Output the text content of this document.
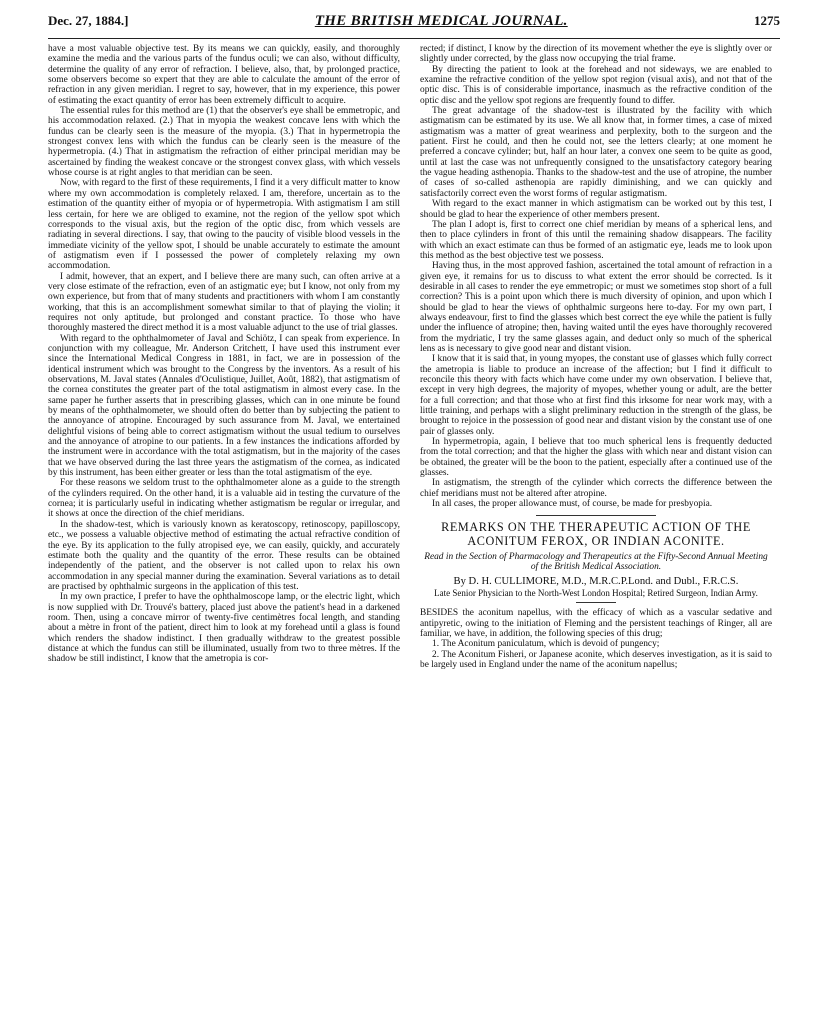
Dec. 27, 1884.]	THE BRITISH MEDICAL JOURNAL.	1275

have a most valuable objective test. By its means we can quickly, easily, and thoroughly examine the media and the various parts of the fundus oculi; we can also, without difficulty, determine the quality of any error of refraction. I believe, also, that, by prolonged practice, some observers become so expert that they are able to calculate the amount of the error of refraction in any given meridian. I regret to say, however, that in my experience, this power of estimating the exact quantity of error has been extremely difficult to acquire.

The essential rules for this method are (1) that the observer's eye shall be emmetropic, and his accommodation relaxed. (2.) That in myopia the weakest concave lens with which the fundus can be clearly seen is the measure of the myopia. (3.) That in hypermetropia the strongest convex lens with which the fundus can be clearly seen is the measure of the hypermetropia. (4.) That in astigmatism the refraction of either principal meridian may be ascertained by finding the weakest concave or the strongest convex glass, with which vessels whose course is at right angles to that meridian can be seen.

Now, with regard to the first of these requirements, I find it a very difficult matter to know where my own accommodation is completely relaxed. I am, therefore, uncertain as to the estimation of the quantity either of myopia or of hypermetropia. With astigmatism I am still less certain, for here we are obliged to examine, not the region of the yellow spot which corresponds to the visual axis, but the region of the optic disc, from which vessels are radiating in several directions. I say, that owing to the paucity of visible blood vessels in the immediate vicinity of the yellow spot, I should be unable accurately to estimate the amount of astigmatism even if I possessed the power of completely relaxing my own accommodation.

I admit, however, that an expert, and I believe there are many such, can often arrive at a very close estimate of the refraction, even of an astigmatic eye; but I know, not only from my own experience, but from that of many students and practitioners with whom I am constantly working, that this is an accomplishment somewhat similar to that of playing the violin; it requires not only aptitude, but prolonged and constant practice. To those who have thoroughly mastered the direct method it is a most valuable adjunct to the use of trial glasses.

With regard to the ophthalmometer of Javal and Schiötz, I can speak from experience. In conjunction with my colleague, Mr. Anderson Critchett, I have used this instrument ever since the International Medical Congress in 1881, in fact, we are in possession of the identical instrument which was brought to the Congress by the inventors. As a result of his observations, M. Javal states (Annales d'Oculistique, Juillet, Août, 1882), that astigmatism of the cornea constitutes the greater part of the total astigmatism in almost every case. In the same paper he further asserts that in prescribing glasses, which can in one minute be found by means of the ophthalmometer, we should often do better than by subjecting the patient to the annoyance of atropine. Encouraged by such assurance from M. Javal, we entertained delightful visions of being able to correct astigmatism without the usual tedium to ourselves and the annoyance of atropine to our patients. In a few instances the indications afforded by the instrument were in accordance with the total astigmatism, but in the majority of the cases that we have observed during the last three years the astigmatism of the cornea, as indicated by this instrument, has been either greater or less than the total astigmatism of the eye.

For these reasons we seldom trust to the ophthalmometer alone as a guide to the strength of the cylinders required. On the other hand, it is a valuable aid in testing the curvature of the cornea; it is particularly useful in indicating whether astigmatism be regular or irregular, and it shows at once the direction of the chief meridians.

In the shadow-test, which is variously known as keratoscopy, retinoscopy, papilloscopy, etc., we possess a valuable objective method of estimating the actual refractive condition of the eye. By its application to the fully atropised eye, we can easily, quickly, and accurately estimate both the quality and the quantity of the error. These results can be obtained independently of the patient, and the observer is not called upon to relax his own accommodation in any special manner during the examination. Several variations as to detail are practised by ophthalmic surgeons in the application of this test.

In my own practice, I prefer to have the ophthalmoscope lamp, or the electric light, which is now supplied with Dr. Trouvé's battery, placed just above the patient's head in a darkened room. Then, using a concave mirror of twenty-five centimètres focal length, and standing about a mètre in front of the patient, direct him to look at my forehead until a glass is found which renders the shadow indistinct. I then gradually withdraw to the greatest possible distance at which the fundus can still be illuminated, usually from two to three mètres. If the shadow be still indistinct, I know that the ametropia is cor-

rected; if distinct, I know by the direction of its movement whether the eye is slightly over or slightly under corrected, by the glass now occupying the trial frame.

By directing the patient to look at the forehead and not sideways, we are enabled to examine the refractive condition of the yellow spot region (visual axis), and not that of the optic disc. This is of considerable importance, inasmuch as the refractive condition of the optic disc and the yellow spot regions are frequently found to differ.

The great advantage of the shadow-test is illustrated by the facility with which astigmatism can be estimated by its use. We all know that, in former times, a case of mixed astigmatism was a matter of great weariness and perplexity, both to the surgeon and the patient. First he could, and then he could not, see the letters clearly; at one moment he preferred a concave cylinder; but, half an hour later, a convex one seem to be quite as good, until at last the case was not unfrequently consigned to the unsatisfactory category bearing the vague heading asthenopia. Thanks to the shadow-test and the use of atropine, the number of cases of so-called asthenopia are rapidly diminishing, and we can quickly and satisfactorily correct even the worst forms of regular astigmatism.

With regard to the exact manner in which astigmatism can be worked out by this test, I should be glad to hear the experience of other members present.

The plan I adopt is, first to correct one chief meridian by means of a spherical lens, and then to place cylinders in front of this until the remaining shadow disappears. The facility with which an exact estimate can thus be formed of an astigmatic eye, leads me to look upon this method as the best objective test we possess.

Having thus, in the most approved fashion, ascertained the total amount of refraction in a given eye, it remains for us to discuss to what extent the error should be corrected. Is it desirable in all cases to render the eye emmetropic; or must we sometimes stop short of a full correction? This is a point upon which there is much diversity of opinion, and upon which I should be glad to hear the views of ophthalmic surgeons here to-day. For my own part, I always endeavour, first to find the glasses which best correct the eye while the patient is fully under the influence of atropine; then, having waited until the eyes have thoroughly recovered from the mydriatic, I try the same glasses again, and deduct only so much of the spherical lens as is necessary to give good near and distant vision.

I know that it is said that, in young myopes, the constant use of glasses which fully correct the ametropia is liable to produce an increase of the affection; but I find it difficult to reconcile this theory with facts which have come under my own observation. I believe that, except in very high degrees, the majority of myopes, whether young or adult, are the better for a full correction; and that those who at first find this irksome for near work may, with a little training, and perhaps with a slight preliminary reduction in the strength of the glass, be brought to rejoice in the possession of good near and distant vision by the constant use of one pair of glasses only.

In hypermetropia, again, I believe that too much spherical lens is frequently deducted from the total correction; and that the higher the glass with which near and distant vision can be obtained, the greater will be the boon to the patient, especially after a continued use of the glasses.

In astigmatism, the strength of the cylinder which corrects the difference between the chief meridians must not be altered after atropine.

In all cases, the proper allowance must, of course, be made for presbyopia.

REMARKS ON THE THERAPEUTIC ACTION OF THE ACONITUM FEROX, OR INDIAN ACONITE.
Read in the Section of Pharmacology and Therapeutics at the Fifty-Second Annual Meeting of the British Medical Association.
By D. H. CULLIMORE, M.D., M.R.C.P.Lond. and Dubl., F.R.C.S.
Late Senior Physician to the North-West London Hospital; Retired Surgeon, Indian Army.

BESIDES the aconitum napellus, with the efficacy of which as a vascular sedative and antipyretic, owing to the initiation of Fleming and the persistent teachings of Ringer, all are familiar, we have, in addition, the following species of this drug;

1. The Aconitum paniculatum, which is devoid of pungency;

2. The Aconitum Fisheri, or Japanese aconite, which deserves investigation, as it is said to be largely used in England under the name of the aconitum napellus;
